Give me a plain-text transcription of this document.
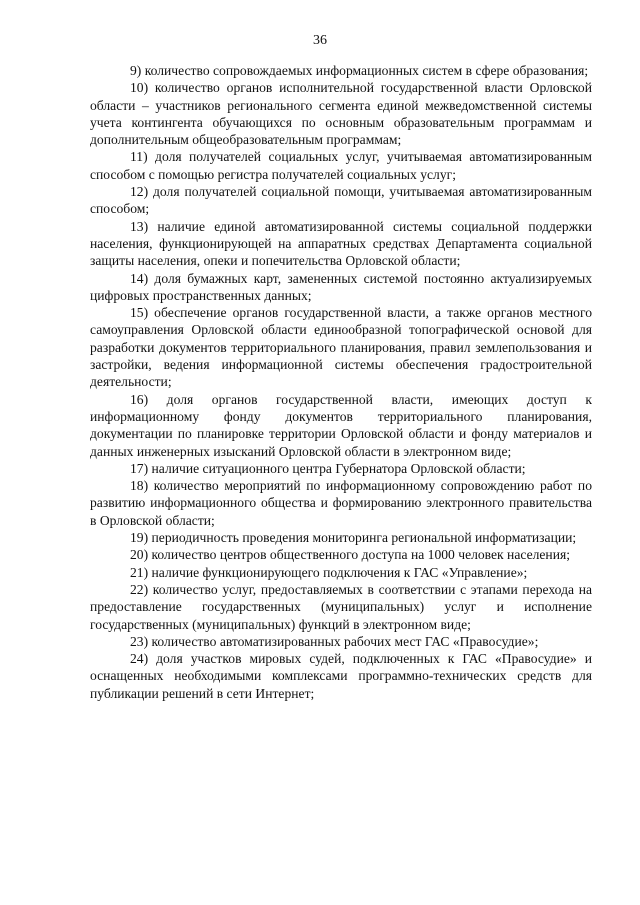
36

9) количество сопровождаемых информационных систем в сфере образования;

10) количество органов исполнительной государственной власти Орловской области – участников регионального сегмента единой межведомственной системы учета контингента обучающихся по основным образовательным программам и дополнительным общеобразовательным программам;

11) доля получателей социальных услуг, учитываемая автоматизированным способом с помощью регистра получателей социальных услуг;

12) доля получателей социальной помощи, учитываемая автоматизированным способом;

13) наличие единой автоматизированной системы социальной поддержки населения, функционирующей на аппаратных средствах Департамента социальной защиты населения, опеки и попечительства Орловской области;

14) доля бумажных карт, замененных системой постоянно актуализируемых цифровых пространственных данных;

15) обеспечение органов государственной власти, а также органов местного самоуправления Орловской области единообразной топографической основой для разработки документов территориального планирования, правил землепользования и застройки, ведения информационной системы обеспечения градостроительной деятельности;

16) доля органов государственной власти, имеющих доступ к информационному фонду документов территориального планирования, документации по планировке территории Орловской области и фонду материалов и данных инженерных изысканий Орловской области в электронном виде;

17) наличие ситуационного центра Губернатора Орловской области;

18) количество мероприятий по информационному сопровождению работ по развитию информационного общества и формированию электронного правительства в Орловской области;

19) периодичность проведения мониторинга региональной информатизации;

20) количество центров общественного доступа на 1000 человек населения;

21) наличие функционирующего подключения к ГАС «Управление»;

22) количество услуг, предоставляемых в соответствии с этапами перехода на предоставление государственных (муниципальных) услуг и исполнение государственных (муниципальных) функций в электронном виде;

23) количество автоматизированных рабочих мест ГАС «Правосудие»;

24) доля участков мировых судей, подключенных к ГАС «Правосудие» и оснащенных необходимыми комплексами программно-технических средств для публикации решений в сети Интернет;
